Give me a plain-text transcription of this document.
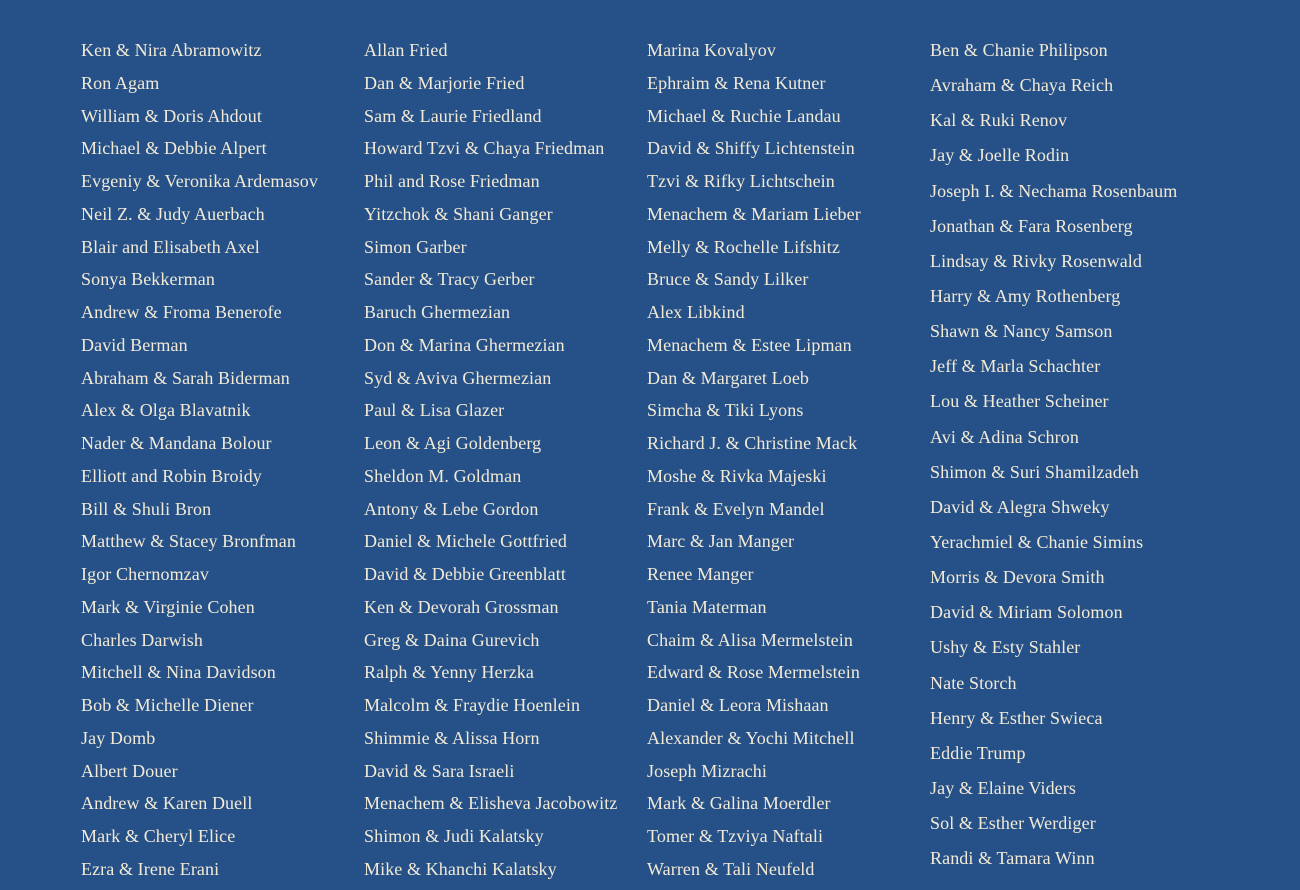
Ken & Nira Abramowitz
Ron Agam
William & Doris Ahdout
Michael & Debbie Alpert
Evgeniy & Veronika Ardemasov
Neil Z. & Judy Auerbach
Blair and Elisabeth Axel
Sonya Bekkerman
Andrew & Froma Benerofe
David Berman
Abraham & Sarah Biderman
Alex & Olga Blavatnik
Nader & Mandana Bolour
Elliott and Robin Broidy
Bill & Shuli Bron
Matthew & Stacey Bronfman
Igor Chernomzav
Mark & Virginie Cohen
Charles Darwish
Mitchell & Nina Davidson
Bob & Michelle Diener
Jay Domb
Albert Douer
Andrew & Karen Duell
Mark & Cheryl Elice
Ezra & Irene Erani
Allan Fried
Dan & Marjorie Fried
Sam & Laurie Friedland
Howard Tzvi & Chaya Friedman
Phil and Rose Friedman
Yitzchok & Shani Ganger
Simon Garber
Sander & Tracy Gerber
Baruch Ghermezian
Don & Marina Ghermezian
Syd & Aviva Ghermezian
Paul & Lisa Glazer
Leon & Agi Goldenberg
Sheldon M. Goldman
Antony & Lebe Gordon
Daniel & Michele Gottfried
David & Debbie Greenblatt
Ken & Devorah Grossman
Greg & Daina Gurevich
Ralph & Yenny Herzka
Malcolm & Fraydie Hoenlein
Shimmie & Alissa Horn
David & Sara Israeli
Menachem & Elisheva Jacobowitz
Shimon & Judi Kalatsky
Mike & Khanchi Kalatsky
Marina Kovalyov
Ephraim & Rena Kutner
Michael & Ruchie Landau
David & Shiffy Lichtenstein
Tzvi & Rifky Lichtschein
Menachem & Mariam Lieber
Melly & Rochelle Lifshitz
Bruce & Sandy Lilker
Alex Libkind
Menachem & Estee Lipman
Dan & Margaret Loeb
Simcha & Tiki Lyons
Richard J. & Christine Mack
Moshe & Rivka Majeski
Frank & Evelyn Mandel
Marc & Jan Manger
Renee Manger
Tania Materman
Chaim & Alisa Mermelstein
Edward & Rose Mermelstein
Daniel & Leora Mishaan
Alexander & Yochi Mitchell
Joseph Mizrachi
Mark & Galina Moerdler
Tomer & Tzviya Naftali
Warren & Tali Neufeld
Ben & Chanie Philipson
Avraham & Chaya Reich
Kal & Ruki Renov
Jay & Joelle Rodin
Joseph I. & Nechama Rosenbaum
Jonathan & Fara Rosenberg
Lindsay & Rivky Rosenwald
Harry & Amy Rothenberg
Shawn & Nancy Samson
Jeff & Marla Schachter
Lou & Heather Scheiner
Avi & Adina Schron
Shimon & Suri Shamilzadeh
David & Alegra Shweky
Yerachmiel & Chanie Simins
Morris & Devora Smith
David & Miriam Solomon
Ushy & Esty Stahler
Nate Storch
Henry & Esther Swieca
Eddie Trump
Jay & Elaine Viders
Sol & Esther Werdiger
Randi & Tamara Winn
